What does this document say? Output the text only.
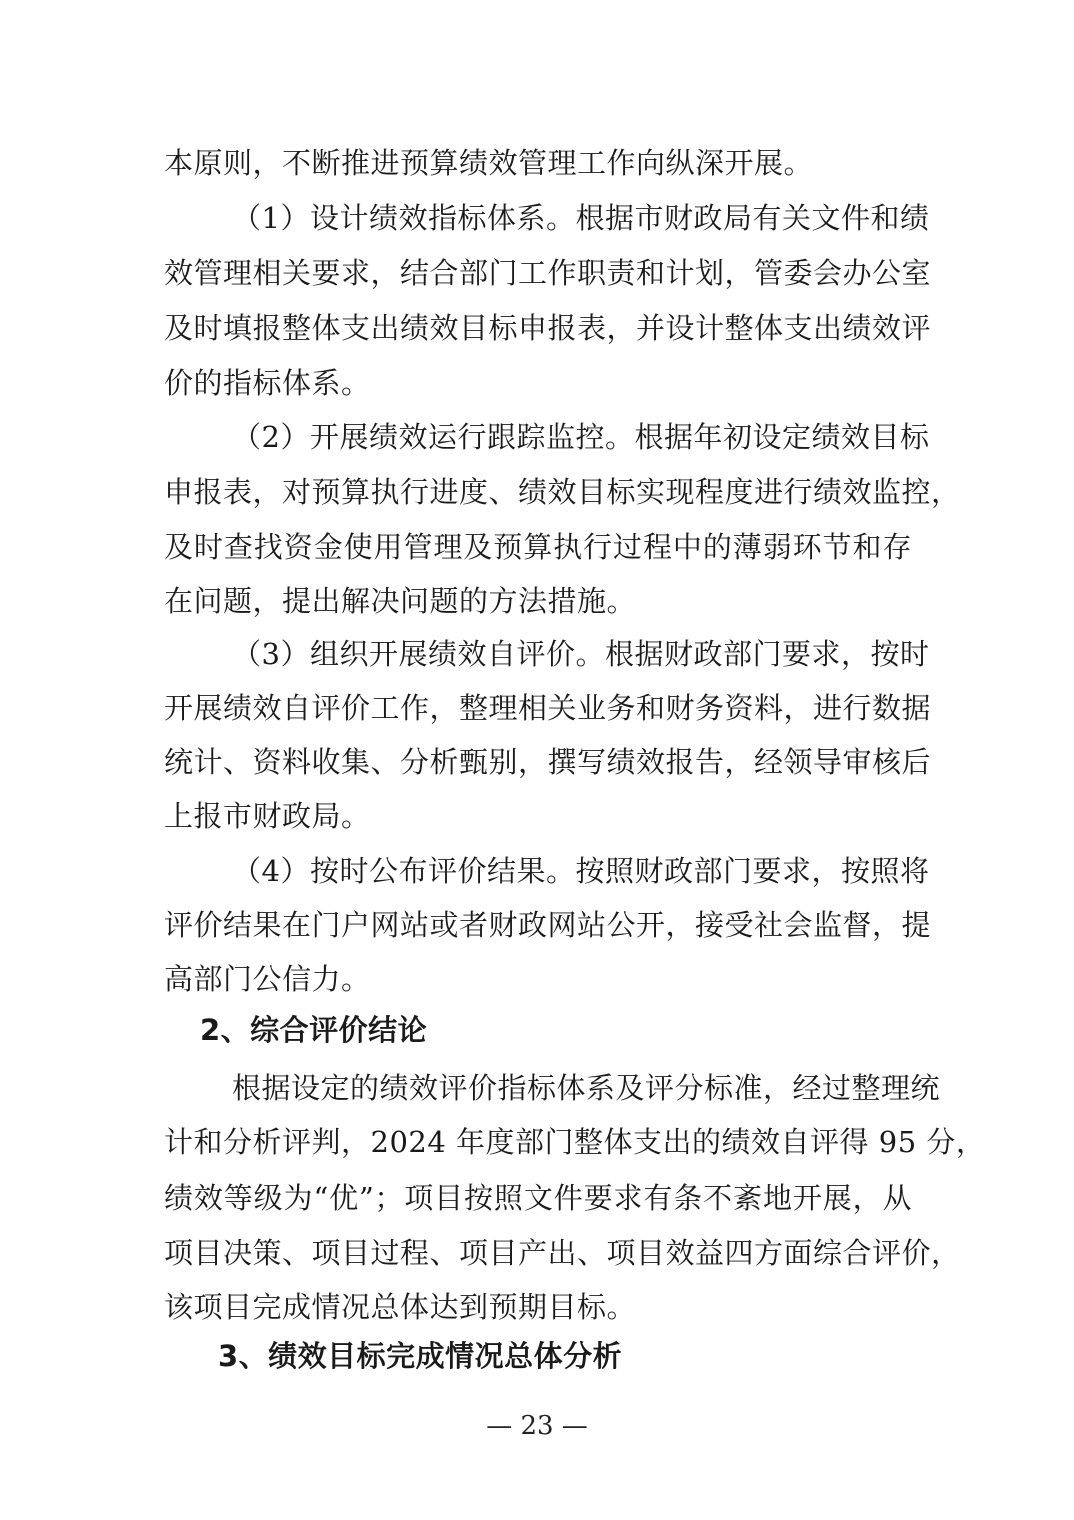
本原则，不断推进预算绩效管理工作向纵深开展。
（1）设计绩效指标体系。根据市财政局有关文件和绩
效管理相关要求，结合部门工作职责和计划，管委会办公室
及时填报整体支出绩效目标申报表，并设计整体支出绩效评
价的指标体系。
（2）开展绩效运行跟踪监控。根据年初设定绩效目标
申报表，对预算执行进度、绩效目标实现程度进行绩效监控，
及时查找资金使用管理及预算执行过程中的薄弱环节和存
在问题，提出解决问题的方法措施。
（3）组织开展绩效自评价。根据财政部门要求，按时
开展绩效自评价工作，整理相关业务和财务资料，进行数据
统计、资料收集、分析甄别，撰写绩效报告，经领导审核后
上报市财政局。
（4）按时公布评价结果。按照财政部门要求，按照将
评价结果在门户网站或者财政网站公开，接受社会监督，提
高部门公信力。
2、综合评价结论
根据设定的绩效评价指标体系及评分标准，经过整理统
计和分析评判，2024 年度部门整体支出的绩效自评得 95 分，
绩效等级为“优”；项目按照文件要求有条不紊地开展，从
项目决策、项目过程、项目产出、项目效益四方面综合评价，
该项目完成情况总体达到预期目标。
3、绩效目标完成情况总体分析
— 23 —
